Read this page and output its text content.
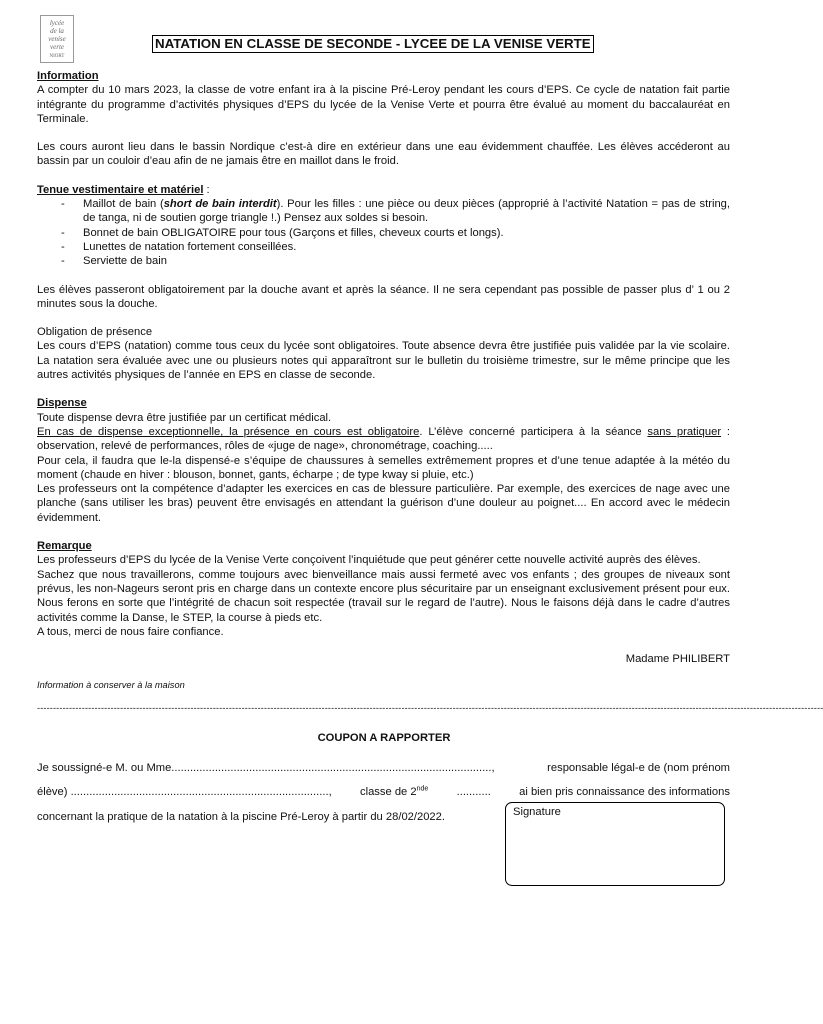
lycée
de la
venise
verte
NIORT
NATATION EN CLASSE DE SECONDE - LYCEE DE LA VENISE VERTE
Information
A compter du 10 mars 2023, la classe de votre enfant ira à la piscine Pré-Leroy pendant les cours d’EPS. Ce cycle de natation fait partie intégrante du programme d’activités physiques d’EPS du lycée de la Venise Verte et pourra être évalué au moment du baccalauréat en Terminale.
Les cours auront lieu dans le bassin Nordique c’est-à dire en extérieur dans une eau évidemment chauffée. Les élèves accéderont au bassin par un couloir d’eau afin de ne jamais être en maillot dans le froid.
Tenue vestimentaire et matériel :
- Maillot de bain (short de bain interdit). Pour les filles : une pièce ou deux pièces (approprié à l’activité Natation = pas de string, de tanga, ni de soutien gorge triangle !.) Pensez aux soldes si besoin.
- Bonnet de bain OBLIGATOIRE pour tous (Garçons et filles, cheveux courts et longs).
- Lunettes de natation fortement conseillées.
- Serviette de bain
Les élèves passeront obligatoirement par la douche avant et après la séance. Il ne sera cependant pas possible de passer plus d’ 1 ou 2 minutes sous la douche.
Obligation de présence
Les cours d’EPS (natation) comme tous ceux du lycée sont obligatoires. Toute absence devra être justifiée puis validée par la vie scolaire. La natation sera évaluée avec une ou plusieurs notes qui apparaîtront sur le bulletin du troisième trimestre, sur le même principe que les autres activités physiques de l’année en EPS en classe de seconde.
Dispense
Toute dispense devra être justifiée par un certificat médical.
En cas de dispense exceptionnelle, la présence en cours est obligatoire. L’élève concerné participera à la séance sans pratiquer : observation, relevé de performances, rôles de «juge de nage», chronométrage, coaching.....
Pour cela, il faudra que le-la dispensé-e s’équipe de chaussures à semelles extrêmement propres et d’une tenue adaptée à la météo du moment (chaude en hiver : blouson, bonnet, gants, écharpe ; de type kway si pluie, etc.)
Les professeurs ont la compétence d’adapter les exercices en cas de blessure particulière. Par exemple, des exercices de nage avec une planche (sans utiliser les bras) peuvent être envisagés en attendant la guérison d’une douleur au poignet.... En accord avec le médecin évidemment.
Remarque
Les professeurs d’EPS du lycée de la Venise Verte conçoivent l’inquiétude que peut générer cette nouvelle activité auprès des élèves.
Sachez que nous travaillerons, comme toujours avec bienveillance mais aussi fermeté avec vos enfants ; des groupes de niveaux sont prévus, les non-Nageurs seront pris en charge dans un contexte encore plus sécuritaire par un enseignant exclusivement présent pour eux. Nous ferons en sorte que l’intégrité de chacun soit respectée (travail sur le regard de l’autre). Nous le faisons déjà dans le cadre d’autres activités comme la Danse, le STEP, la course à pieds etc.
A tous, merci de nous faire confiance.
Madame PHILIBERT
Information à conserver à la maison
------------------------------------------------------------------------------------------------------------------------------------------------------------------------------------------------------------------------------------------------------
COUPON A RAPPORTER
Je soussigné-e M. ou Mme.......................................................................................................,	responsable légal-e de (nom prénom
élève) ...................................................................................,	classe de 2nde	...........	ai bien pris connaissance des informations
concernant la pratique de la natation à la piscine Pré-Leroy à partir du 28/02/2022.	Signature
